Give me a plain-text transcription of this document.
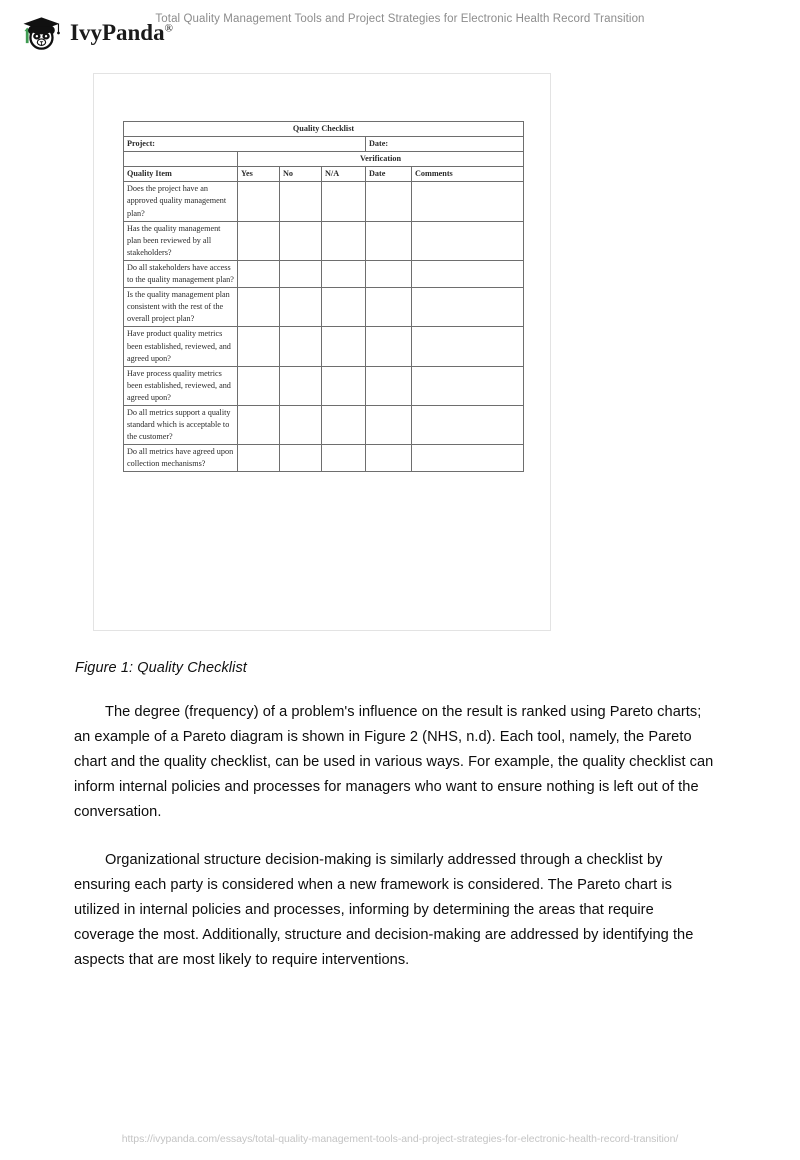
IvyPanda®
Total Quality Management Tools and Project Strategies for Electronic Health Record Transition
Quality Checklist					
Project:				Date:	
	Verification				
Quality Item	Yes	No	N/A	Date	Comments
Does the project have an approved quality management plan?					
Has the quality management plan been reviewed by all stakeholders?					
Do all stakeholders have access to the quality management plan?					
Is the quality management plan consistent with the rest of the overall project plan?					
Have product quality metrics been established, reviewed, and agreed upon?					
Have process quality metrics been established, reviewed, and agreed upon?					
Do all metrics support a quality standard which is acceptable to the customer?					
Do all metrics have agreed upon collection mechanisms?					
Figure 1: Quality Checklist

The degree (frequency) of a problem's influence on the result is ranked using Pareto charts; an example of a Pareto diagram is shown in Figure 2 (NHS, n.d). Each tool, namely, the Pareto chart and the quality checklist, can be used in various ways. For example, the quality checklist can inform internal policies and processes for managers who want to ensure nothing is left out of the conversation.

Organizational structure decision-making is similarly addressed through a checklist by ensuring each party is considered when a new framework is considered. The Pareto chart is utilized in internal policies and processes, informing by determining the areas that require coverage the most. Additionally, structure and decision-making are addressed by identifying the aspects that are most likely to require interventions.

https://ivypanda.com/essays/total-quality-management-tools-and-project-strategies-for-electronic-health-record-transition/
